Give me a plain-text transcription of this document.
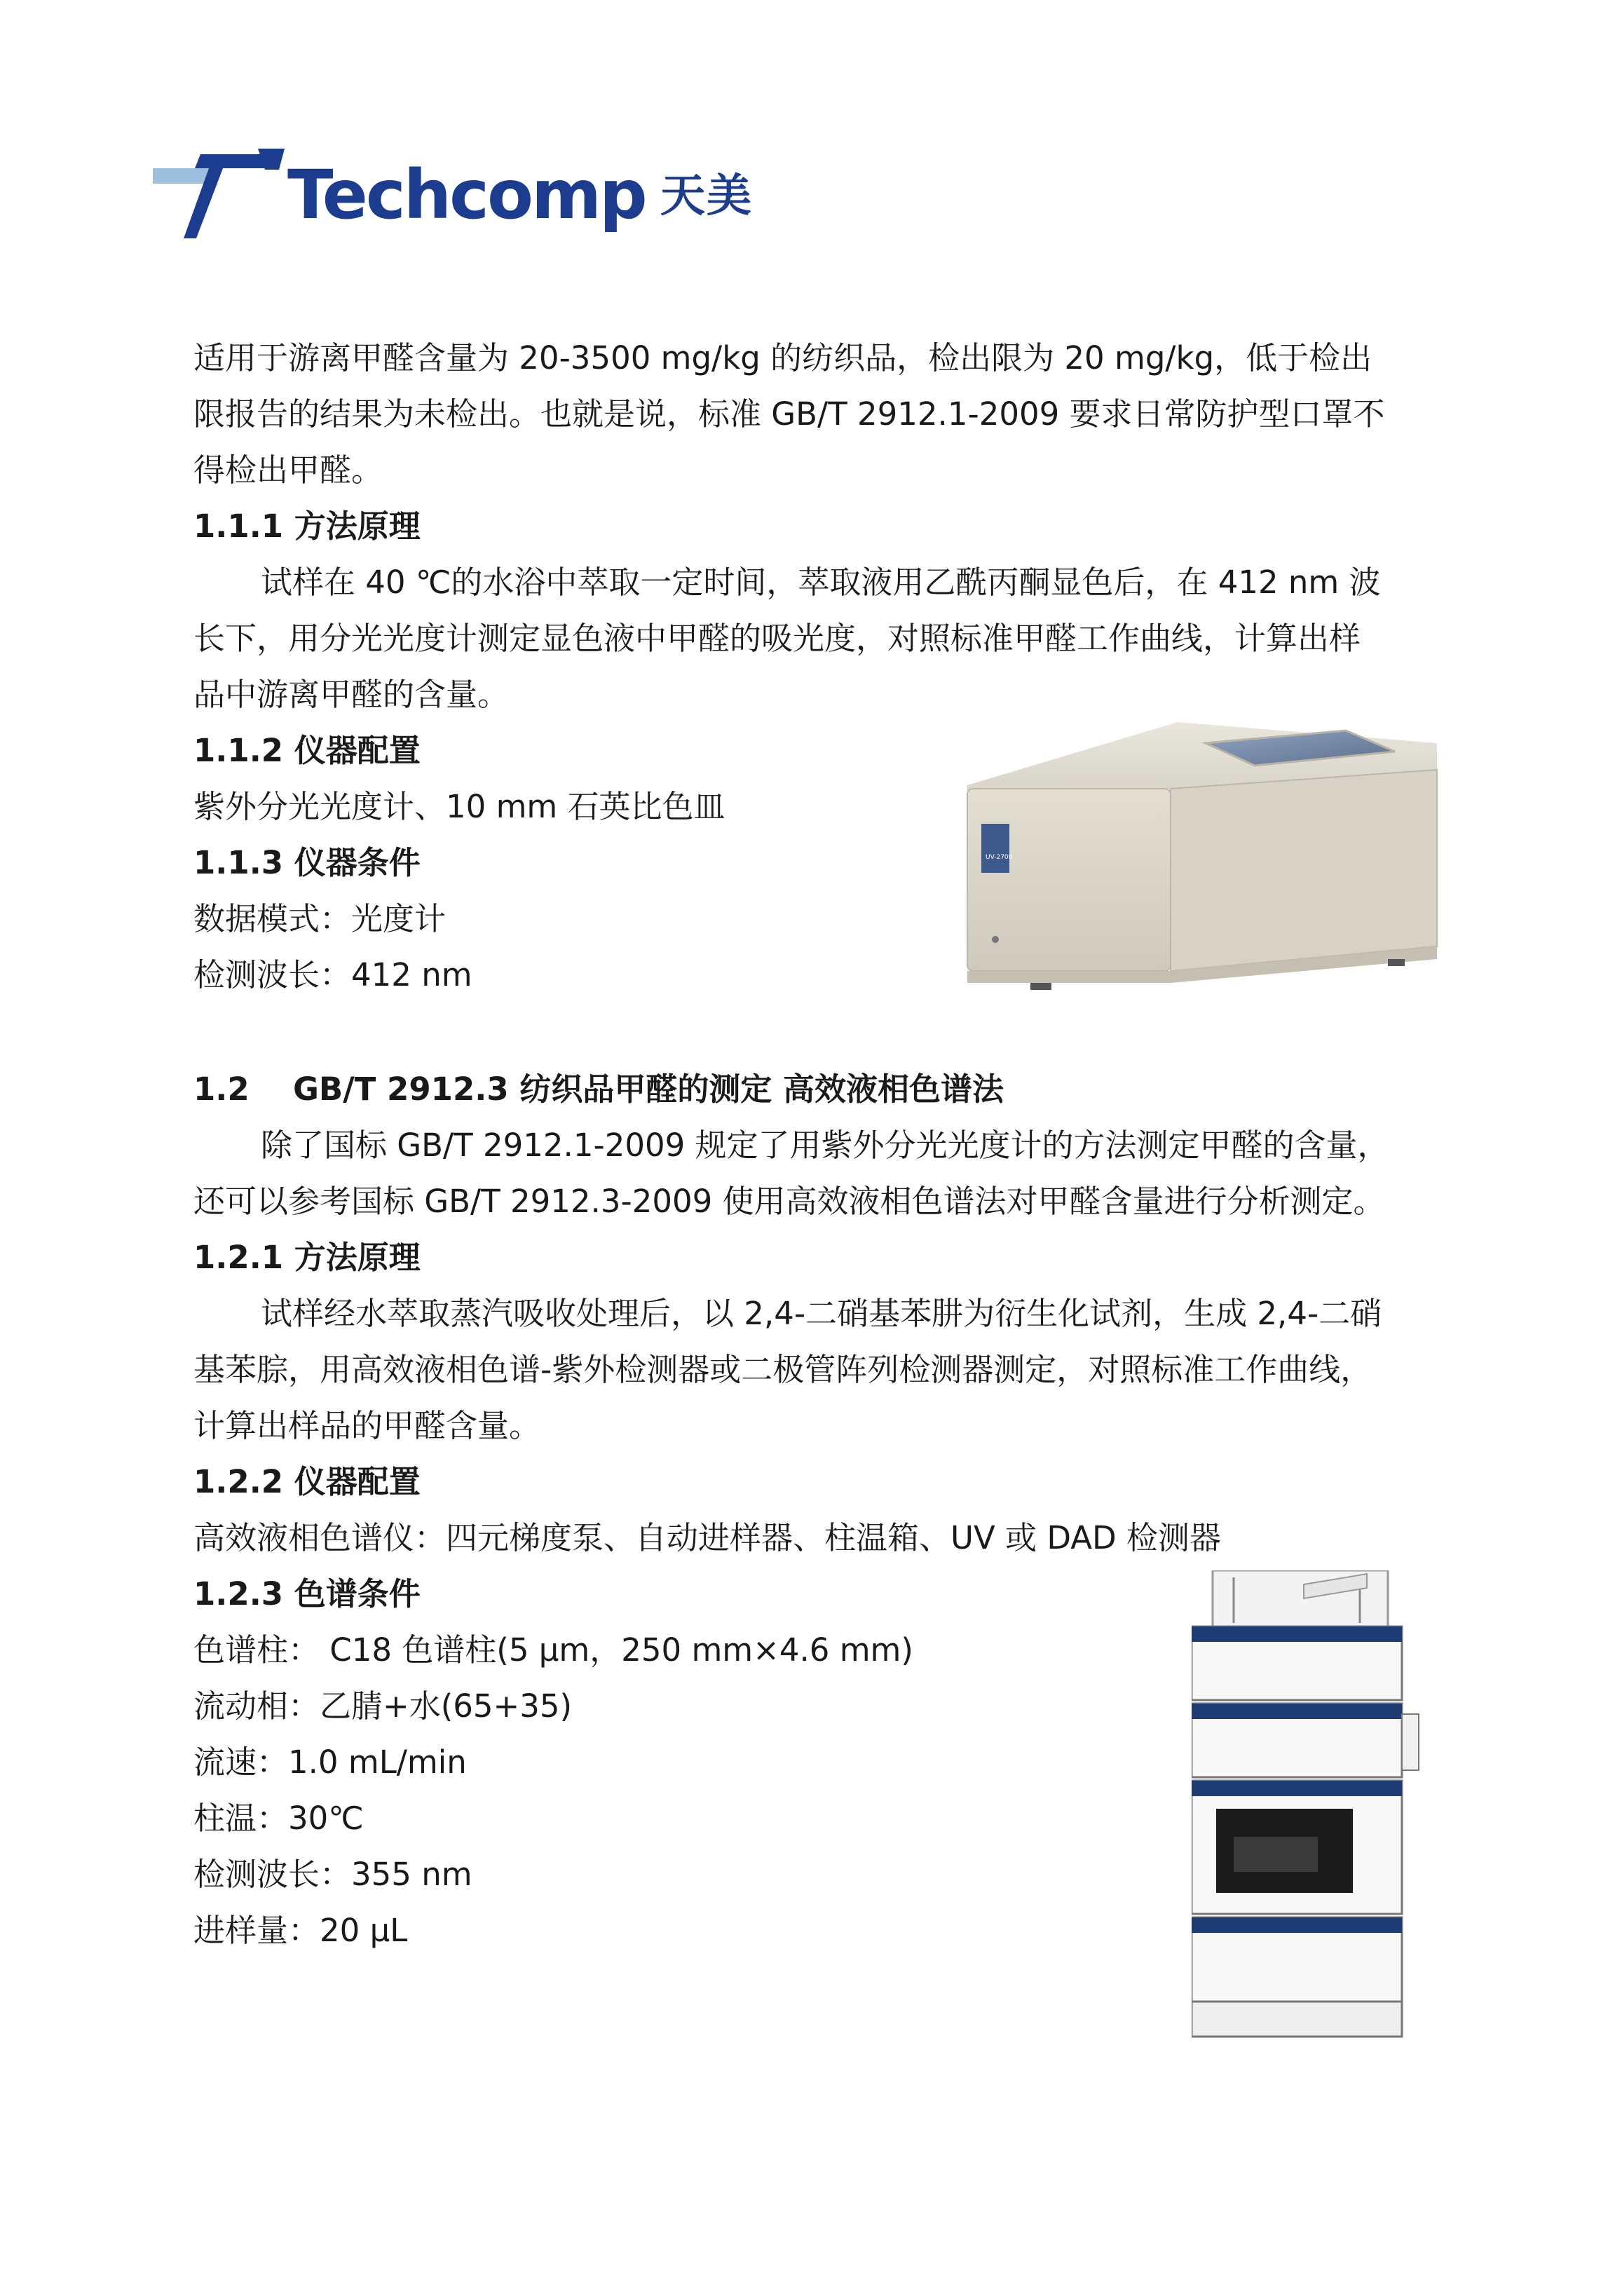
Techcomp 天美
适用于游离甲醛含量为 20-3500 mg/kg 的纺织品，检出限为 20 mg/kg，低于检出
限报告的结果为未检出。也就是说，标准 GB/T 2912.1-2009 要求日常防护型口罩不
得检出甲醛。
1.1.1 方法原理
试样在 40 ℃的水浴中萃取一定时间，萃取液用乙酰丙酮显色后，在 412 nm 波
长下，用分光光度计测定显色液中甲醛的吸光度，对照标准甲醛工作曲线，计算出样
品中游离甲醛的含量。
1.1.2 仪器配置
紫外分光光度计、10 mm 石英比色皿
1.1.3 仪器条件
数据模式：光度计
检测波长：412 nm
UV-2700
1.2 GB/T 2912.3 纺织品甲醛的测定 高效液相色谱法
除了国标 GB/T 2912.1-2009 规定了用紫外分光光度计的方法测定甲醛的含量，
还可以参考国标 GB/T 2912.3-2009 使用高效液相色谱法对甲醛含量进行分析测定。
1.2.1 方法原理
试样经水萃取蒸汽吸收处理后，以 2,4-二硝基苯肼为衍生化试剂，生成 2,4-二硝
基苯腙，用高效液相色谱-紫外检测器或二极管阵列检测器测定，对照标准工作曲线，
计算出样品的甲醛含量。
1.2.2 仪器配置
高效液相色谱仪：四元梯度泵、自动进样器、柱温箱、UV 或 DAD 检测器
1.2.3 色谱条件
色谱柱： C18 色谱柱(5 μm，250 mm×4.6 mm)
流动相：乙腈+水(65+35)
流速：1.0 mL/min
柱温：30℃
检测波长：355 nm
进样量：20 μL
